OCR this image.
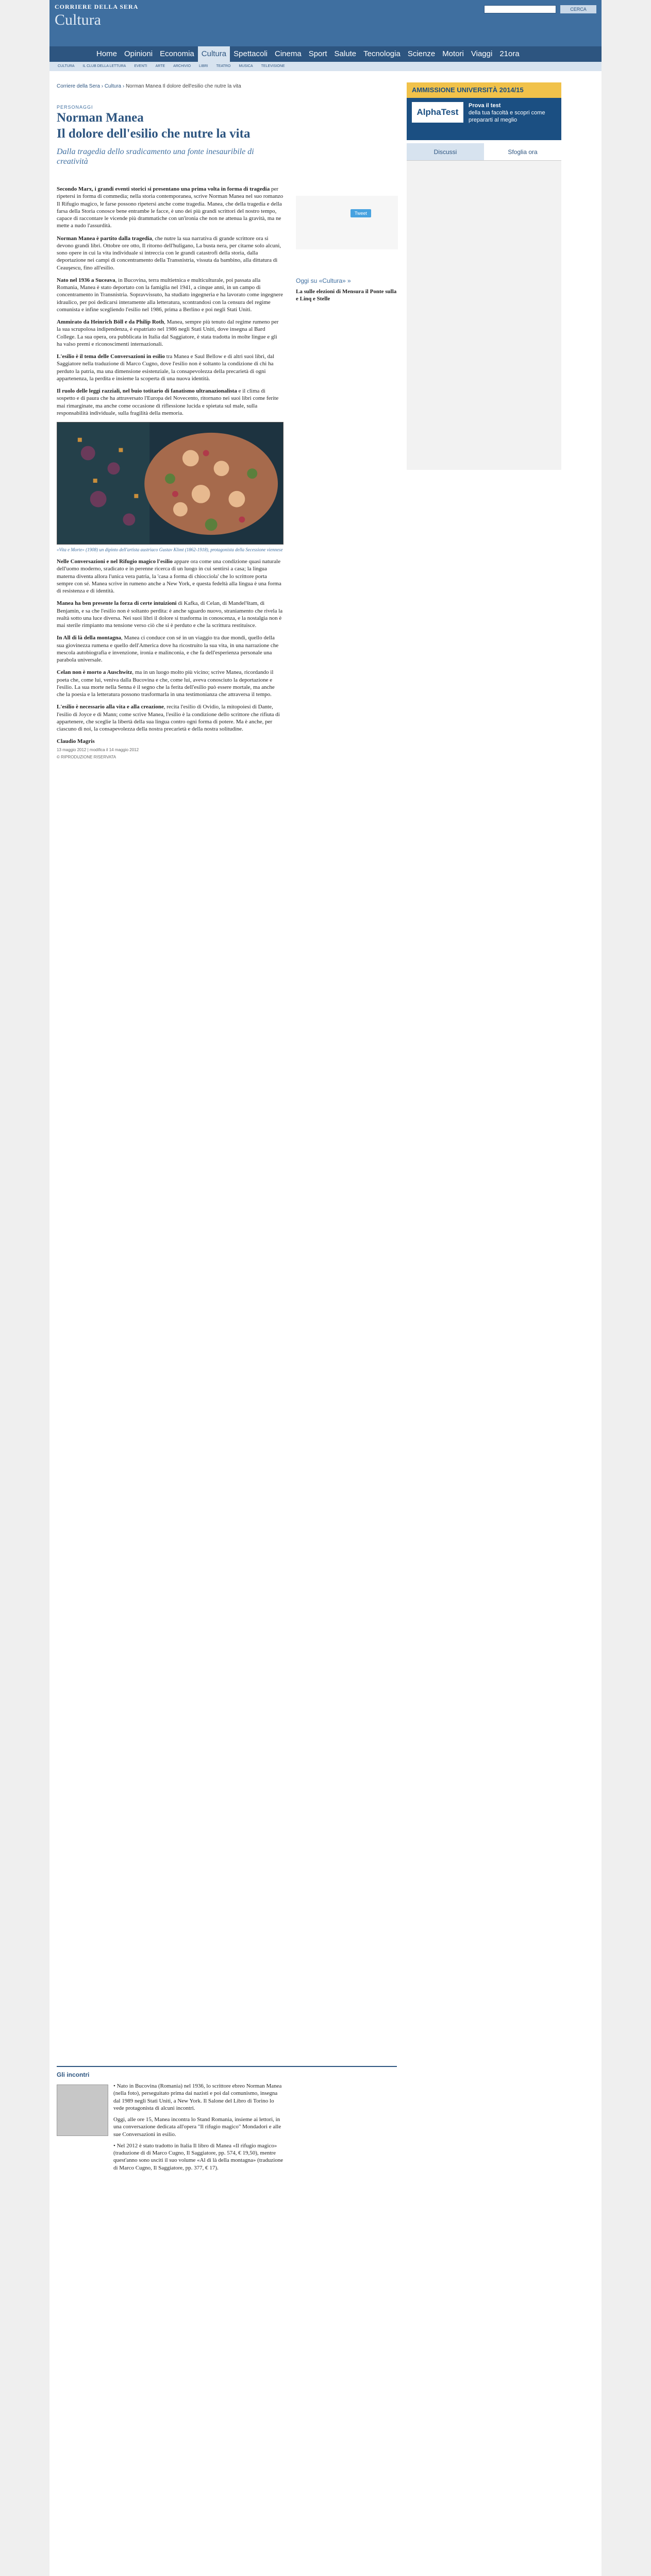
CORRIERE DELLA SERA
Cultura
CERCA
Home Opinioni Economia Cultura Spettacoli Cinema Sport Salute Tecnologia Scienze Motori Viaggi 21ora
CULTURA	IL CLUB DELLA LETTURA	EVENTI	ARTE	ARCHIVIO	LIBRI	TEATRO	MUSICA	TELEVISIONE
Corriere della Sera › Cultura › Norman Manea Il dolore dell'esilio che nutre la vita
PERSONAGGI
Norman Manea
Il dolore dell'esilio che nutre la vita
Dalla tragedia dello sradicamento una fonte inesauribile di creatività

Secondo Marx, i grandi eventi storici si presentano una prima volta in forma di tragedia per ripetersi in forma di commedia; nella storia contemporanea, scrive Norman Manea nel suo romanzo Il Rifugio magico, le farse possono ripetersi anche come tragedia. Manea, che della tragedia e della farsa della Storia conosce bene entrambe le facce, è uno dei più grandi scrittori del nostro tempo, capace di raccontare le vicende più drammatiche con un'ironia che non ne attenua la gravità, ma ne mette a nudo l'assurdità.

Norman Manea è partito dalla tragedia, che nutre la sua narrativa di grande scrittore ora si devono grandi libri. Ottobre ore otto, Il ritorno dell'huligano, La busta nera, per citarne solo alcuni, sono opere in cui la vita individuale si intreccia con le grandi catastrofi della storia, dalla deportazione nei campi di concentramento della Transnistria, vissuta da bambino, alla dittatura di Ceauşescu, fino all'esilio.

Nato nel 1936 a Suceava, in Bucovina, terra multietnica e multiculturale, poi passata alla Romania, Manea è stato deportato con la famiglia nel 1941, a cinque anni, in un campo di concentramento in Transnistria. Sopravvissuto, ha studiato ingegneria e ha lavorato come ingegnere idraulico, per poi dedicarsi interamente alla letteratura, scontrandosi con la censura del regime comunista e infine scegliendo l'esilio nel 1986, prima a Berlino e poi negli Stati Uniti.

Ammirato da Heinrich Böll e da Philip Roth, Manea, sempre più tenuto dal regime rumeno per la sua scrupolosa indipendenza, è espatriato nel 1986 negli Stati Uniti, dove insegna al Bard College. La sua opera, ora pubblicata in Italia dal Saggiatore, è stata tradotta in molte lingue e gli ha valso premi e riconoscimenti internazionali.

L'esilio è il tema delle Conversazioni in esilio tra Manea e Saul Bellow e di altri suoi libri, dal Saggiatore nella traduzione di Marco Cugno, dove l'esilio non è soltanto la condizione di chi ha perduto la patria, ma una dimensione esistenziale, la consapevolezza della precarietà di ogni appartenenza, la perdita e insieme la scoperta di una nuova identità.

Il ruolo delle leggi razziali, nel buio totitario di fanatismo ultranazionalista e il clima di sospetto e di paura che ha attraversato l'Europa del Novecento, ritornano nei suoi libri come ferite mai rimarginate, ma anche come occasione di riflessione lucida e spietata sul male, sulla responsabilità individuale, sulla fragilità della memoria.

«Vita e Morte» (1908) un dipinto dell'artista austriaco Gustav Klimt (1862-1918), protagonista della Secessione viennese

Nelle Conversazioni e nel Rifugio magico l'esilio appare ora come una condizione quasi naturale dell'uomo moderno, sradicato e in perenne ricerca di un luogo in cui sentirsi a casa; la lingua materna diventa allora l'unica vera patria, la 'casa a forma di chiocciola' che lo scrittore porta sempre con sé. Manea scrive in rumeno anche a New York, e questa fedeltà alla lingua è una forma di resistenza e di identità.

Manea ha ben presente la forza di certe intuizioni di Kafka, di Celan, di Mandel'štam, di Benjamin, e sa che l'esilio non è soltanto perdita: è anche sguardo nuovo, straniamento che rivela la realtà sotto una luce diversa. Nei suoi libri il dolore si trasforma in conoscenza, e la nostalgia non è mai sterile rimpianto ma tensione verso ciò che si è perduto e che la scrittura restituisce.

In All di là della montagna, Manea ci conduce con sé in un viaggio tra due mondi, quello della sua giovinezza rumena e quello dell'America dove ha ricostruito la sua vita, in una narrazione che mescola autobiografia e invenzione, ironia e malinconia, e che fa dell'esperienza personale una parabola universale.

Celan non è morto a Auschwitz, ma in un luogo molto più vicino; scrive Manea, ricordando il poeta che, come lui, veniva dalla Bucovina e che, come lui, aveva conosciuto la deportazione e l'esilio. La sua morte nella Senna è il segno che la ferita dell'esilio può essere mortale, ma anche che la poesia e la letteratura possono trasformarla in una testimonianza che attraversa il tempo.

L'esilio è necessario alla vita e alla creazione, recita l'esilio di Ovidio, la mitopoiesi di Dante, l'esilio di Joyce e di Mann; come scrive Manea, l'esilio è la condizione dello scrittore che rifiuta di appartenere, che sceglie la libertà della sua lingua contro ogni forma di potere. Ma è anche, per ciascuno di noi, la consapevolezza della nostra precarietà e della nostra solitudine.

Claudio Magris
13 maggio 2012 | modifica il 14 maggio 2012
© RIPRODUZIONE RISERVATA
Tweet
Oggi su «Cultura» »
La sulle elezioni di Mensura il Ponte sulla e Linq e Stelle
AMMISSIONE UNIVERSITÀ 2014/15
AlphaTest
Prova il test
della tua facoltà e scopri come prepararti al meglio
Discussi	Sfoglia ora
Gli incontri

• Nato in Bucovina (Romania) nel 1936, lo scrittore ebreo Norman Manea (nella foto), perseguitato prima dai nazisti e poi dal comunismo, insegna dal 1989 negli Stati Uniti, a New York. Il Salone del Libro di Torino lo vede protagonista di alcuni incontri.

Oggi, alle ore 15, Manea incontra lo Stand Romania, insieme ai lettori, in una conversazione dedicata all'opera "Il rifugio magico" Mondadori e alle sue Conversazioni in esilio.

• Nel 2012 è stato tradotto in Italia Il libro di Manea «Il rifugio magico» (traduzione di di Marco Cugno, Il Saggiatore, pp. 574, € 19,50), mentre quest'anno sono usciti il suo volume «Al di là della montagna» (traduzione di Marco Cugno, Il Saggiatore, pp. 377, € 17).
